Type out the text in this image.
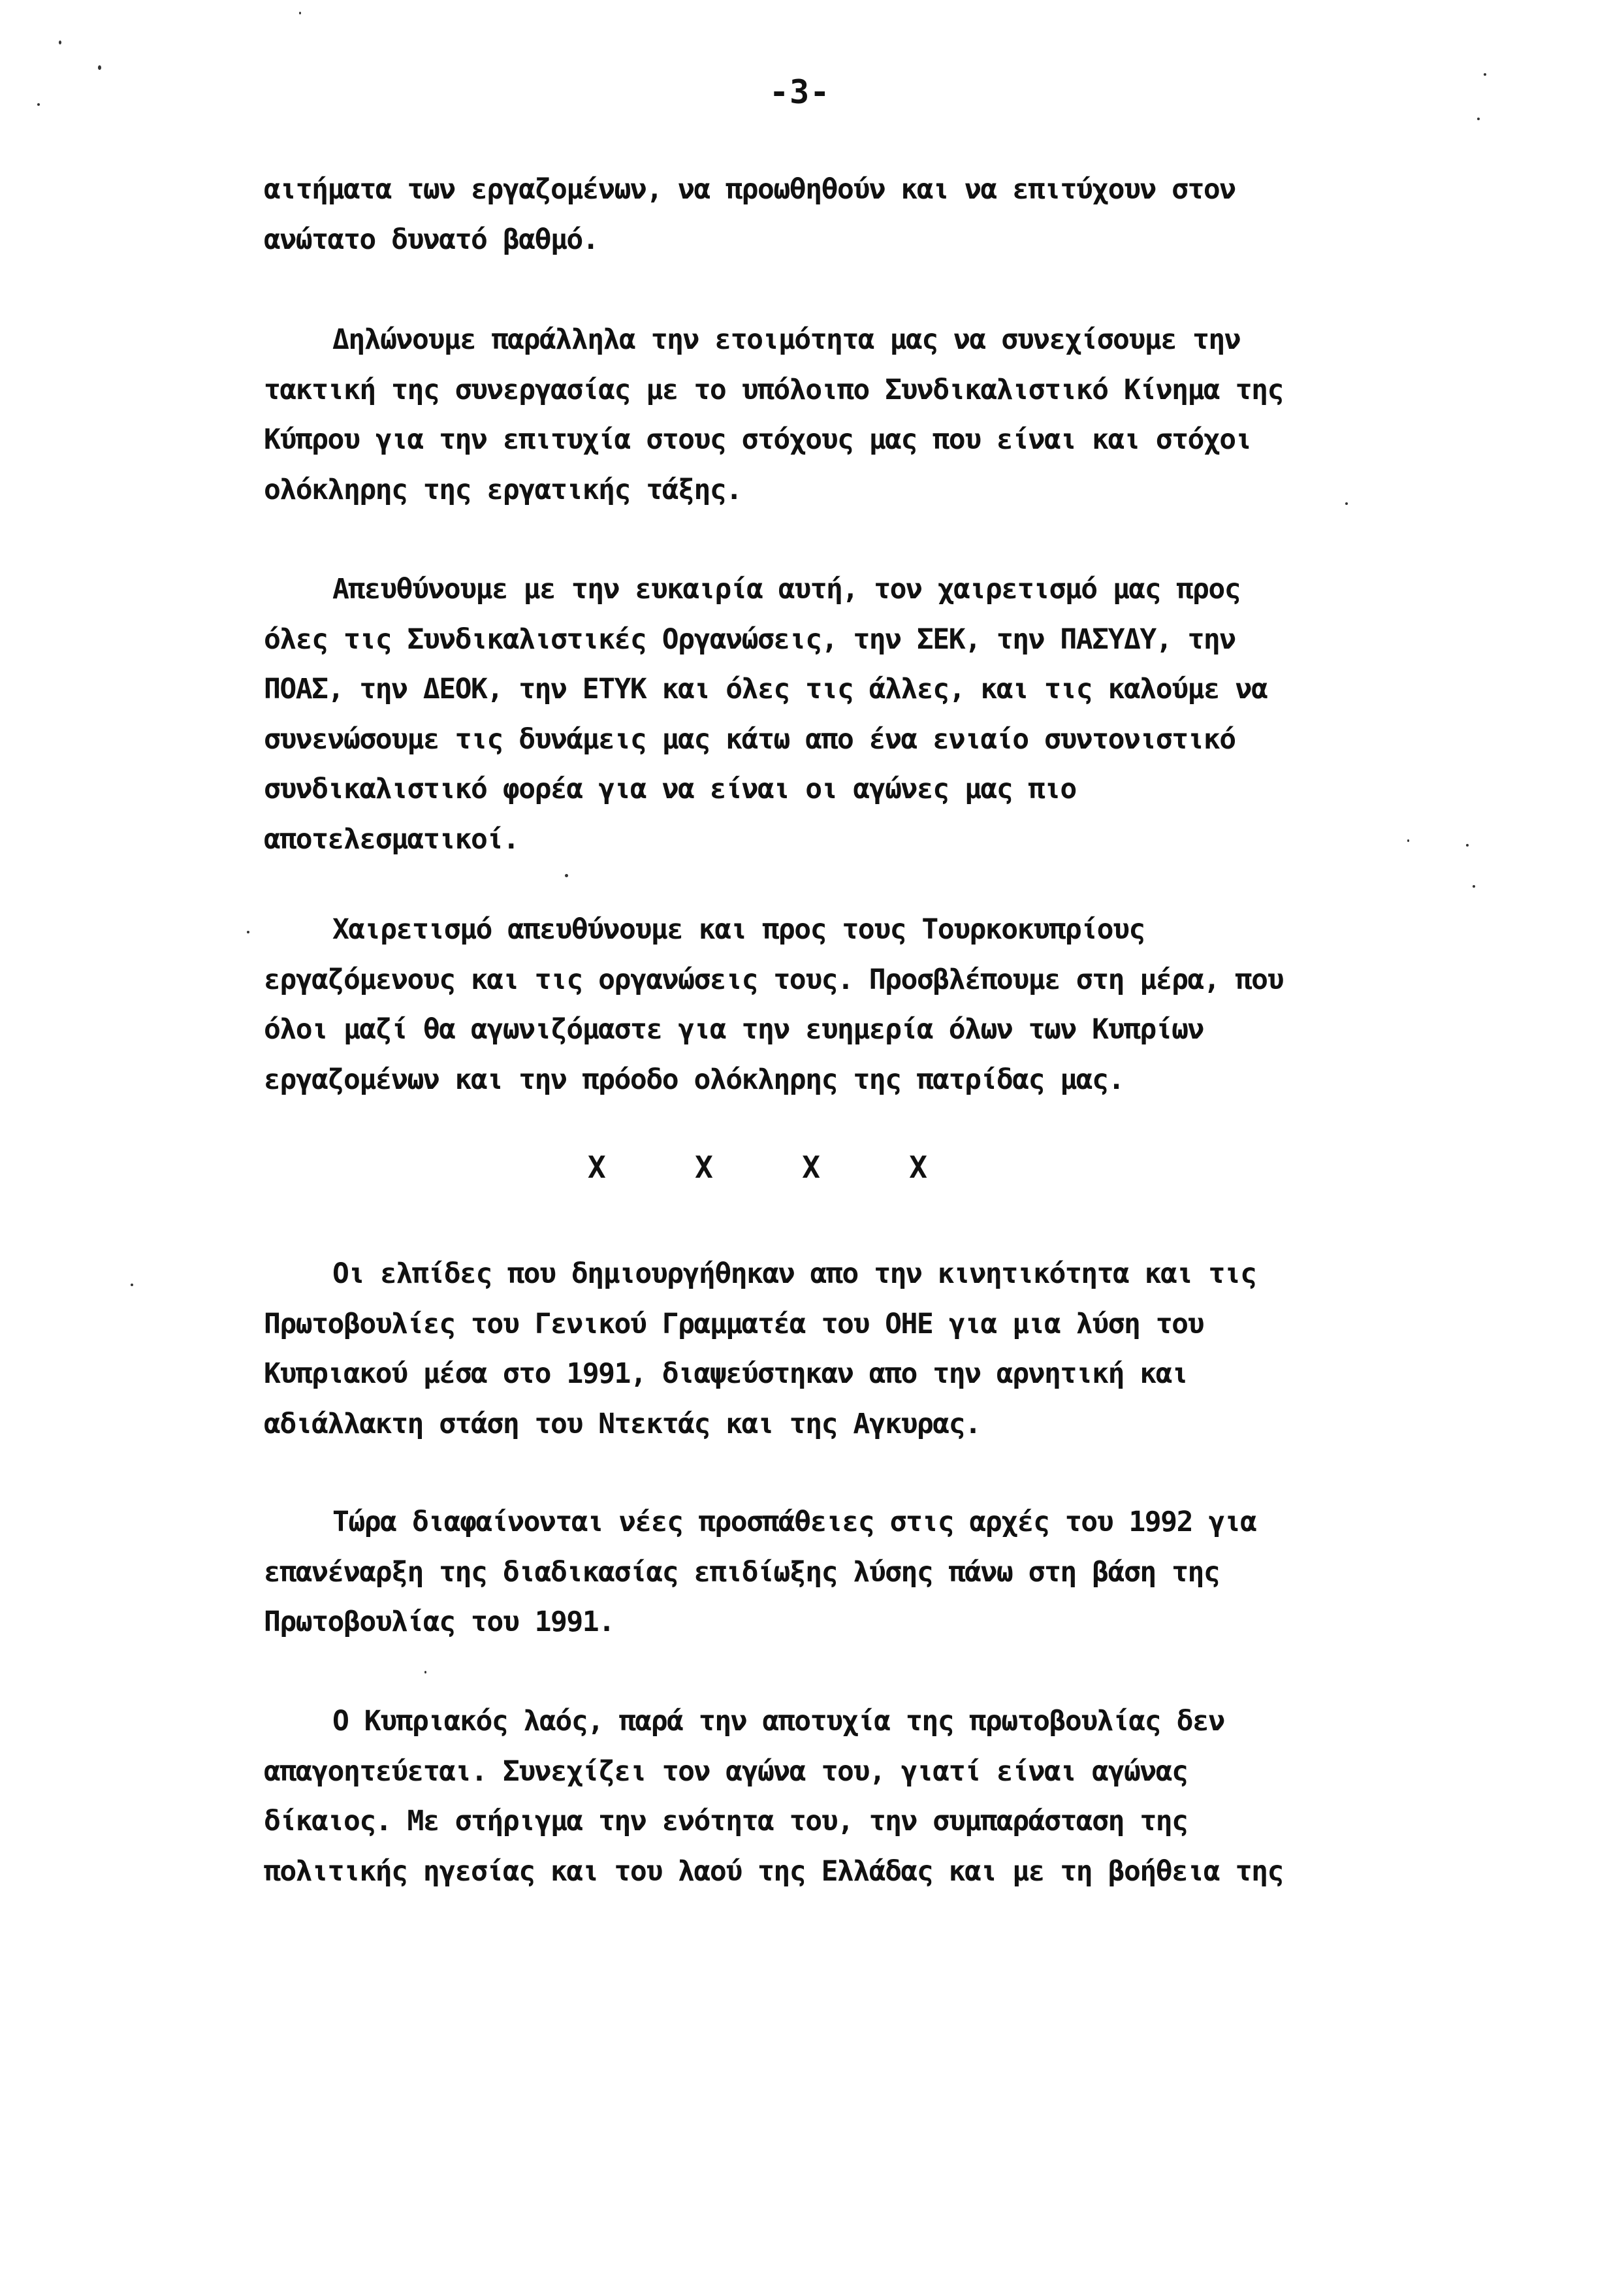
-3-

αιτήματα των εργαζομένων, να προωθηθούν και να επιτύχουν στον
ανώτατο δυνατό βαθμό.

Δηλώνουμε παράλληλα την ετοιμότητα μας να συνεχίσουμε την
τακτική της συνεργασίας με το υπόλοιπο Συνδικαλιστικό Κίνημα της
Κύπρου για την επιτυχία στους στόχους μας που είναι και στόχοι
ολόκληρης της εργατικής τάξης.

Απευθύνουμε με την ευκαιρία αυτή, τον χαιρετισμό μας προς
όλες τις Συνδικαλιστικές Οργανώσεις, την ΣΕΚ, την ΠΑΣΥΔΥ, την
ΠΟΑΣ, την ΔΕΟΚ, την ΕΤΥΚ και όλες τις άλλες, και τις καλούμε να
συνενώσουμε τις δυνάμεις μας κάτω απο ένα ενιαίο συντονιστικό
συνδικαλιστικό φορέα για να είναι οι αγώνες μας πιο
αποτελεσματικοί.

Χαιρετισμό απευθύνουμε και προς τους Τουρκοκυπρίους
εργαζόμενους και τις οργανώσεις τους. Προσβλέπουμε στη μέρα, που
όλοι μαζί θα αγωνιζόμαστε για την ευημερία όλων των Κυπρίων
εργαζομένων και την πρόοδο ολόκληρης της πατρίδας μας.

X	X	X	X

Οι ελπίδες που δημιουργήθηκαν απο την κινητικότητα και τις
Πρωτοβουλίες του Γενικού Γραμματέα του ΟΗΕ για μια λύση του
Κυπριακού μέσα στο 1991, διαψεύστηκαν απο την αρνητική και
αδιάλλακτη στάση του Ντεκτάς και της Αγκυρας.

Τώρα διαφαίνονται νέες προσπάθειες στις αρχές του 1992 για
επανέναρξη της διαδικασίας επιδίωξης λύσης πάνω στη βάση της
Πρωτοβουλίας του 1991.

Ο Κυπριακός λαός, παρά την αποτυχία της πρωτοβουλίας δεν
απαγοητεύεται. Συνεχίζει τον αγώνα του, γιατί είναι αγώνας
δίκαιος. Με στήριγμα την ενότητα του, την συμπαράσταση της
πολιτικής ηγεσίας και του λαού της Ελλάδας και με τη βοήθεια της
